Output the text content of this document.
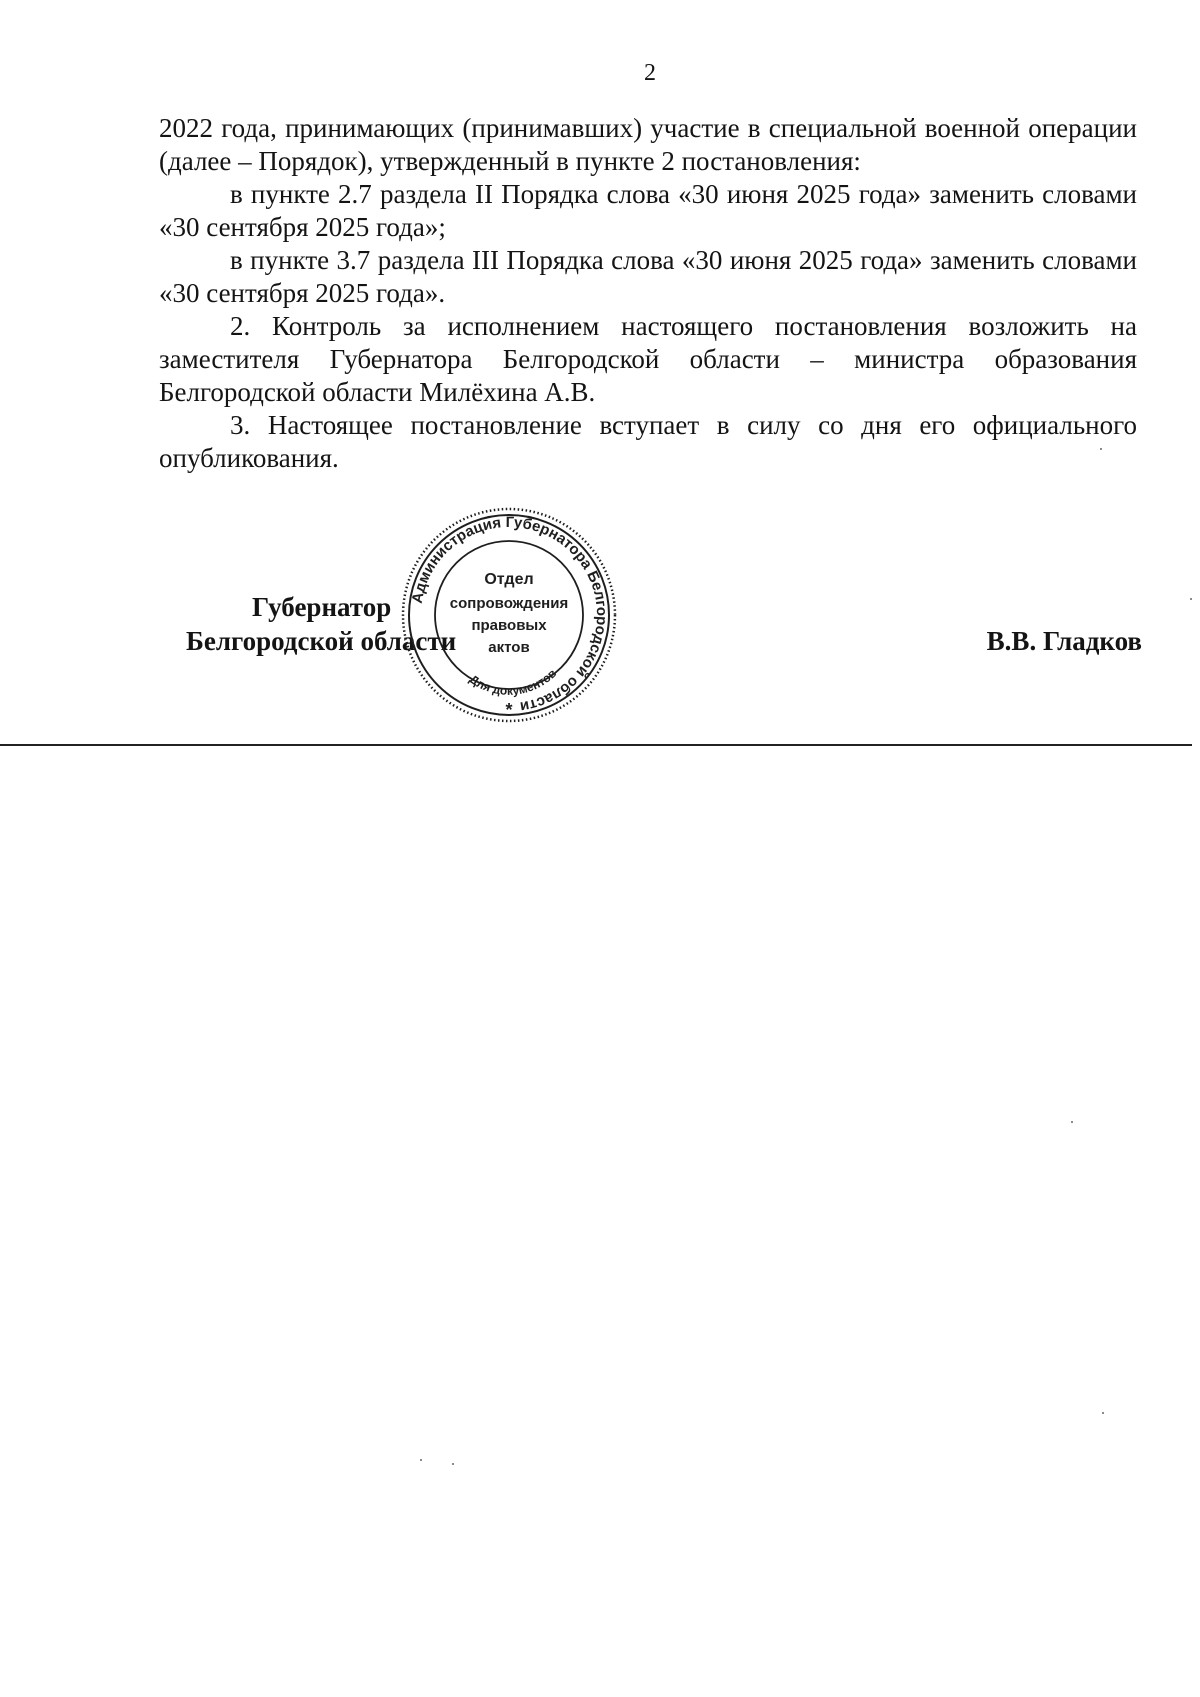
2

2022 года, принимающих (принимавших) участие в специальной военной операции (далее – Порядок), утвержденный в пункте 2 постановления:

в пункте 2.7 раздела II Порядка слова «30 июня 2025 года» заменить словами «30 сентября 2025 года»;

в пункте 3.7 раздела III Порядка слова «30 июня 2025 года» заменить словами «30 сентября 2025 года».

2. Контроль за исполнением настоящего постановления возложить на заместителя Губернатора Белгородской области – министра образования Белгородской области Милёхина А.В.

3. Настоящее постановление вступает в силу со дня его официального опубликования.

Губернатор
Белгородской области	В.В. Гладков
Администрация Губернатора Белгородской области
Для документов
Отдел
сопровождения
правовых
актов
*
